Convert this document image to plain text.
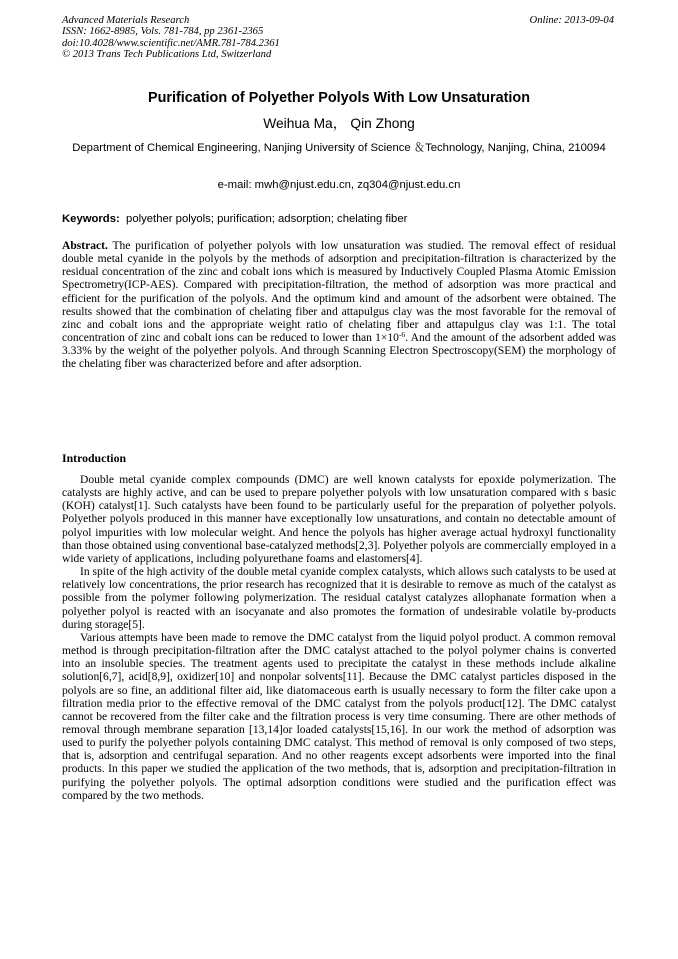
Advanced Materials Research
ISSN: 1662-8985, Vols. 781-784, pp 2361-2365
doi:10.4028/www.scientific.net/AMR.781-784.2361
© 2013 Trans Tech Publications Ltd, Switzerland
Online: 2013-09-04
Purification of Polyether Polyols With Low Unsaturation
Weihua Ma， Qin Zhong
Department of Chemical Engineering, Nanjing University of Science ＆Technology, Nanjing, China, 210094
e-mail: mwh@njust.edu.cn, zq304@njust.edu.cn
Keywords: polyether polyols; purification; adsorption; chelating fiber
Abstract. The purification of polyether polyols with low unsaturation was studied. The removal effect of residual double metal cyanide in the polyols by the methods of adsorption and precipitation-filtration is characterized by the residual concentration of the zinc and cobalt ions which is measured by Inductively Coupled Plasma Atomic Emission Spectrometry(ICP-AES). Compared with precipitation-filtration, the method of adsorption was more practical and efficient for the purification of the polyols. And the optimum kind and amount of the adsorbent were obtained. The results showed that the combination of chelating fiber and attapulgus clay was the most favorable for the removal of zinc and cobalt ions and the appropriate weight ratio of chelating fiber and attapulgus clay was 1:1. The total concentration of zinc and cobalt ions can be reduced to lower than $1\times 10^{-6}$. And the amount of the adsorbent added was 3.33% by the weight of the polyether polyols. And through Scanning Electron Spectroscopy(SEM) the morphology of the chelating fiber was characterized before and after adsorption.
Introduction

Double metal cyanide complex compounds (DMC) are well known catalysts for epoxide polymerization. The catalysts are highly active, and can be used to prepare polyether polyols with low unsaturation compared with s basic (KOH) catalyst[1]. Such catalysts have been found to be particularly useful for the preparation of polyether polyols. Polyether polyols produced in this manner have exceptionally low unsaturations, and contain no detectable amount of polyol impurities with low molecular weight. And hence the polyols has higher average actual hydroxyl functionality than those obtained using conventional base-catalyzed methods[2,3]. Polyether polyols are commercially employed in a wide variety of applications, including polyurethane foams and elastomers[4].

In spite of the high activity of the double metal cyanide complex catalysts, which allows such catalysts to be used at relatively low concentrations, the prior research has recognized that it is desirable to remove as much of the catalyst as possible from the polymer following polymerization. The residual catalyst catalyzes allophanate formation when a polyether polyol is reacted with an isocyanate and also promotes the formation of undesirable volatile by-products during storage[5].

Various attempts have been made to remove the DMC catalyst from the liquid polyol product. A common removal method is through precipitation-filtration after the DMC catalyst attached to the polyol polymer chains is converted into an insoluble species. The treatment agents used to precipitate the catalyst in these methods include alkaline solution[6,7], acid[8,9], oxidizer[10] and nonpolar solvents[11]. Because the DMC catalyst particles disposed in the polyols are so fine, an additional filter aid, like diatomaceous earth is usually necessary to form the filter cake upon a filtration media prior to the effective removal of the DMC catalyst from the polyols product[12]. The DMC catalyst cannot be recovered from the filter cake and the filtration process is very time consuming. There are other methods of removal through membrane separation [13,14]or loaded catalysts[15,16]. In our work the method of adsorption was used to purify the polyether polyols containing DMC catalyst. This method of removal is only composed of two steps, that is, adsorption and centrifugal separation. And no other reagents except adsorbents were imported into the final products. In this paper we studied the application of the two methods, that is, adsorption and precipitation-filtration in purifying the polyether polyols. The optimal adsorption conditions were studied and the purification effect was compared by the two methods.
